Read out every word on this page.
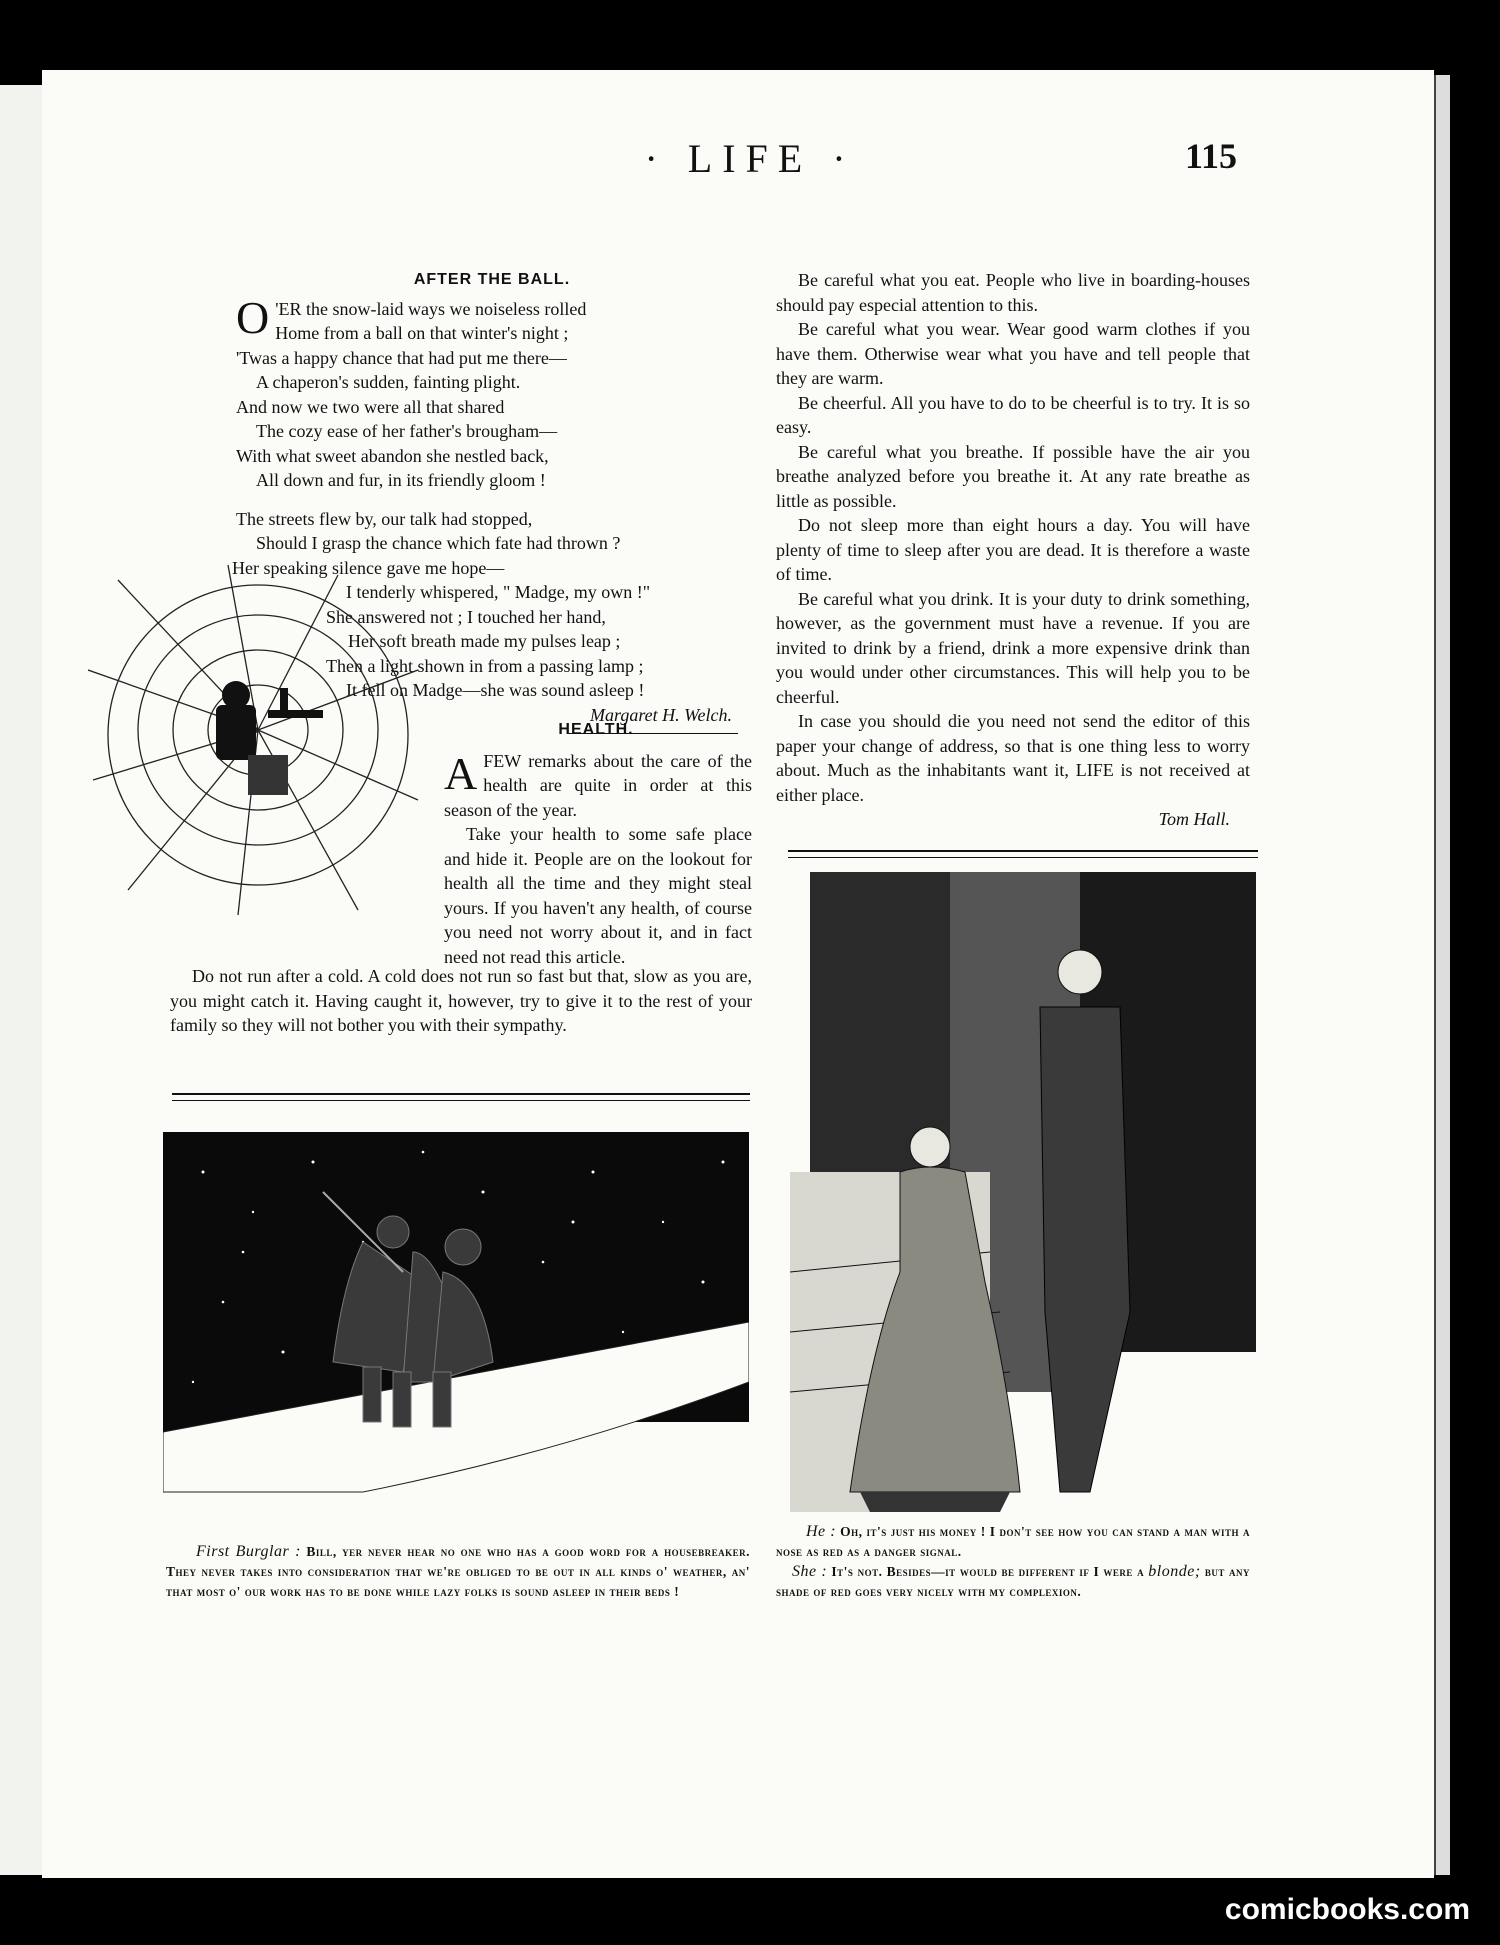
· LIFE ·	115
AFTER THE BALL.
O 'ER the snow-laid ways we noiseless rolled

Home from a ball on that winter's night ;

'Twas a happy chance that had put me there—

A chaperon's sudden, fainting plight.

And now we two were all that shared

The cozy ease of her father's brougham—

With what sweet abandon she nestled back,

All down and fur, in its friendly gloom !

The streets flew by, our talk had stopped,

Should I grasp the chance which fate had thrown ?

Her speaking silence gave me hope—

I tenderly whispered, " Madge, my own !"

She answered not ; I touched her hand,

Her soft breath made my pulses leap ;

Then a light shown in from a passing lamp ;

It fell on Madge—she was sound asleep !

Margaret H. Welch.
HEALTH.
A FEW remarks about the care of the health are quite in order at this season of the year.

Take your health to some safe place and hide it. People are on the lookout for health all the time and they might steal yours. If you haven't any health, of course you need not worry about it, and in fact need not read this article.

Do not run after a cold. A cold does not run so fast but that, slow as you are, you might catch it. Having caught it, however, try to give it to the rest of your family so they will not bother you with their sympathy.

First Burglar : Bill, yer never hear no one who has a good word for a housebreaker. They never takes into consideration that we're obliged to be out in all kinds o' weather, an' that most o' our work has to be done while lazy folks is sound asleep in their beds !

Be careful what you eat. People who live in boarding-houses should pay especial attention to this.

Be careful what you wear. Wear good warm clothes if you have them. Otherwise wear what you have and tell people that they are warm.

Be cheerful. All you have to do to be cheerful is to try. It is so easy.

Be careful what you breathe. If possible have the air you breathe analyzed before you breathe it. At any rate breathe as little as possible.

Do not sleep more than eight hours a day. You will have plenty of time to sleep after you are dead. It is therefore a waste of time.

Be careful what you drink. It is your duty to drink something, however, as the government must have a revenue. If you are invited to drink by a friend, drink a more expensive drink than you would under other circumstances. This will help you to be cheerful.

In case you should die you need not send the editor of this paper your change of address, so that is one thing less to worry about. Much as the inhabitants want it, LIFE is not received at either place.

Tom Hall.
He : Oh, it's just his money ! I don't see how you can stand a man with a nose as red as a danger signal.
She : It's not. Besides—it would be different if I were a blonde; but any shade of red goes very nicely with my complexion.
comicbooks.com
